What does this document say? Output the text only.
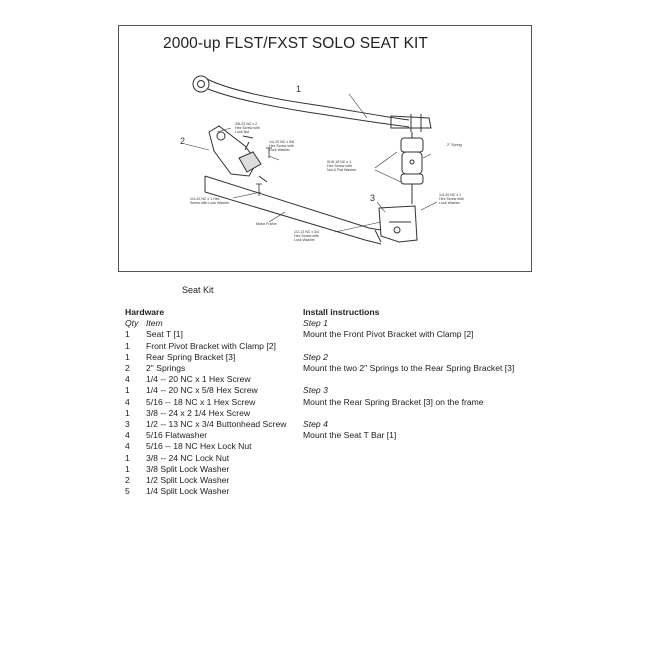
2000-up FLST/FXST SOLO SEAT KIT
1
2
3
3/8-24 NC x 2
Hex Screw with
Lock Nut
1/4-20 NC x 5/8
Hex Screw with
Lock Washer
2" Spring
5/16-18 NC x 1
Hex Screw with
Nut & Flat Washer
1/4-20 NC x 1 Hex
Screw with Lock Washer
1/4-20 NC x 1
Hex Screw with
Lock Washer
Motor Frame
1/2-13 NC x 3/4
Hex Screw with
Lock Washer
Seat Kit
Hardware
Qty Item
1 Seat T [1]
1 Front Pivot Bracket with Clamp [2]
1 Rear Spring Bracket [3]
2 2" Springs
4 1/4 -- 20 NC x 1 Hex Screw
1 1/4 -- 20 NC x 5/8 Hex Screw
4 5/16 -- 18 NC x 1 Hex Screw
1 3/8 -- 24 x 2 1/4 Hex Screw
3 1/2 -- 13 NC x 3/4 Buttonhead Screw
4 5/16 Flatwasher
4 5/16 -- 18 NC Hex Lock Nut
1 3/8 -- 24 NC Lock Nut
1 3/8 Split Lock Washer
2 1/2 Split Lock Washer
5 1/4 Split Lock Washer
Install instructions
Step 1
Mount the Front Pivot Bracket with Clamp [2]
Step 2
Mount the two 2" Springs to the Rear Spring Bracket [3]
Step 3
Mount the Rear Spring Bracket [3] on the frame
Step 4
Mount the Seat T Bar [1]
